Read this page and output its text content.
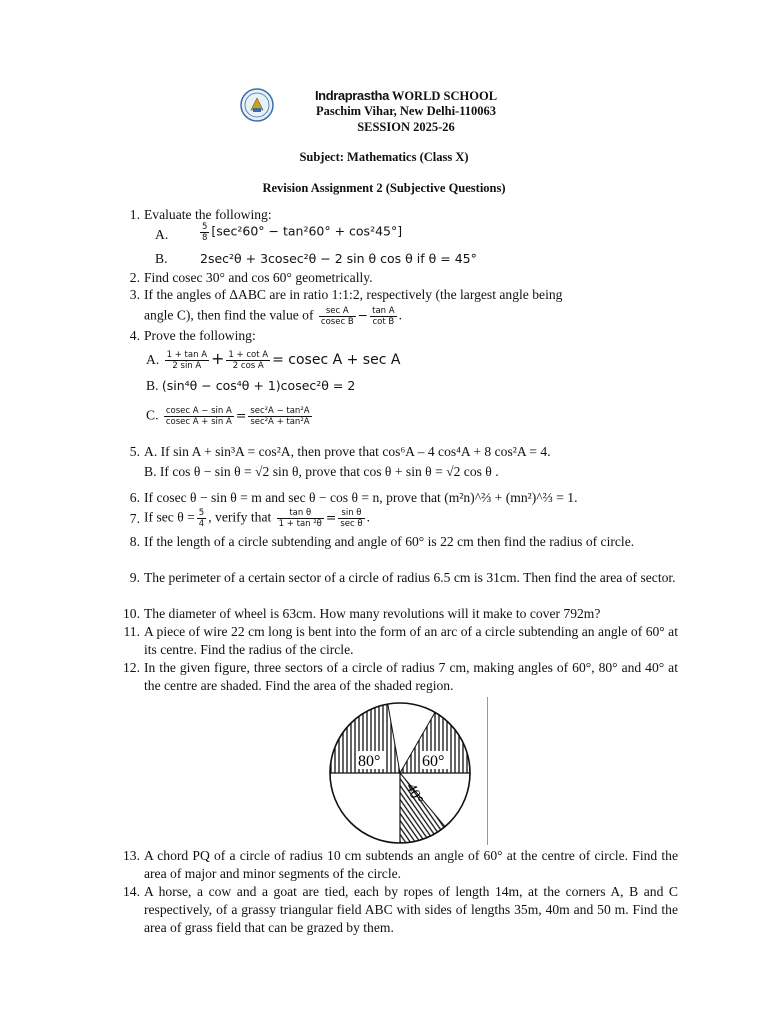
Indraprastha WORLD SCHOOL
Paschim Vihar, New Delhi-110063
SESSION 2025-26
Subject: Mathematics (Class X)
Revision Assignment 2 (Subjective Questions)
1. Evaluate the following:
A.	$\frac{5}{8} [\sec^260^\circ - \tan^260^\circ + \cos^245^\circ]$
B.	2sec²θ + 3cosec²θ − 2 sin θ cos θ if θ = 45°
2. Find cosec 30° and cos 60° geometrically.
3. If the angles of ΔABC are in ratio 1:1:2, respectively (the largest angle being
angle C), then find the value of $\frac{\text{sec A}}{\text{cosec B}} - \frac{\text{tan A}}{\text{cot B}}$ .
4. Prove the following:
A. $\frac{\text{1 + tan A}}{\text{2 sin A}} + \frac{\text{1 + cot A}}{\text{2 cos A}} = cosec$ A + sec A
B. (sin⁴θ − cos⁴θ + 1)cosec²θ = 2
C. $\frac{\text{cosec A − sin A}}{\text{cosec A + sin A}} = \frac{\text{sec²A − tan²A}}{\text{sec²A + tan²A}}$
5. A. If sin A + sin³A = cos²A, then prove that cos⁶A – 4 cos⁴A + 8 cos²A = 4.
B. If cos θ − sin θ = √2 sin θ, prove that cos θ + sin θ = √2 cos θ .
6. If cosec θ − sin θ = m and sec θ − cos θ = n, prove that (m²n)^⅔ + (mn²)^⅔ = 1.
7. If $\sec \theta = \frac{5}{4}$ , verify that $\frac{\text{tan θ}}{\text{1 + tan ²θ}} = \frac{\text{sin θ}}{\text{sec θ}}$ .
8. If the length of a circle subtending and angle of 60° is 22 cm then find the radius of circle.
9. The perimeter of a certain sector of a circle of radius 6.5 cm is 31cm. Then find the area of sector.
10. The diameter of wheel is 63cm. How many revolutions will it make to cover 792m?
11. A piece of wire 22 cm long is bent into the form of an arc of a circle subtending an angle of 60° at its centre. Find the radius of the circle.
12. In the given figure, three sectors of a circle of radius 7 cm, making angles of 60°, 80° and 40° at the centre are shaded. Find the area of the shaded region.
80°	60°
40°
13. A chord PQ of a circle of radius 10 cm subtends an angle of 60° at the centre of circle. Find the area of major and minor segments of the circle.
14. A horse, a cow and a goat are tied, each by ropes of length 14m, at the corners A, B and C respectively, of a grassy triangular field ABC with sides of lengths 35m, 40m and 50 m. Find the area of grass field that can be grazed by them.
